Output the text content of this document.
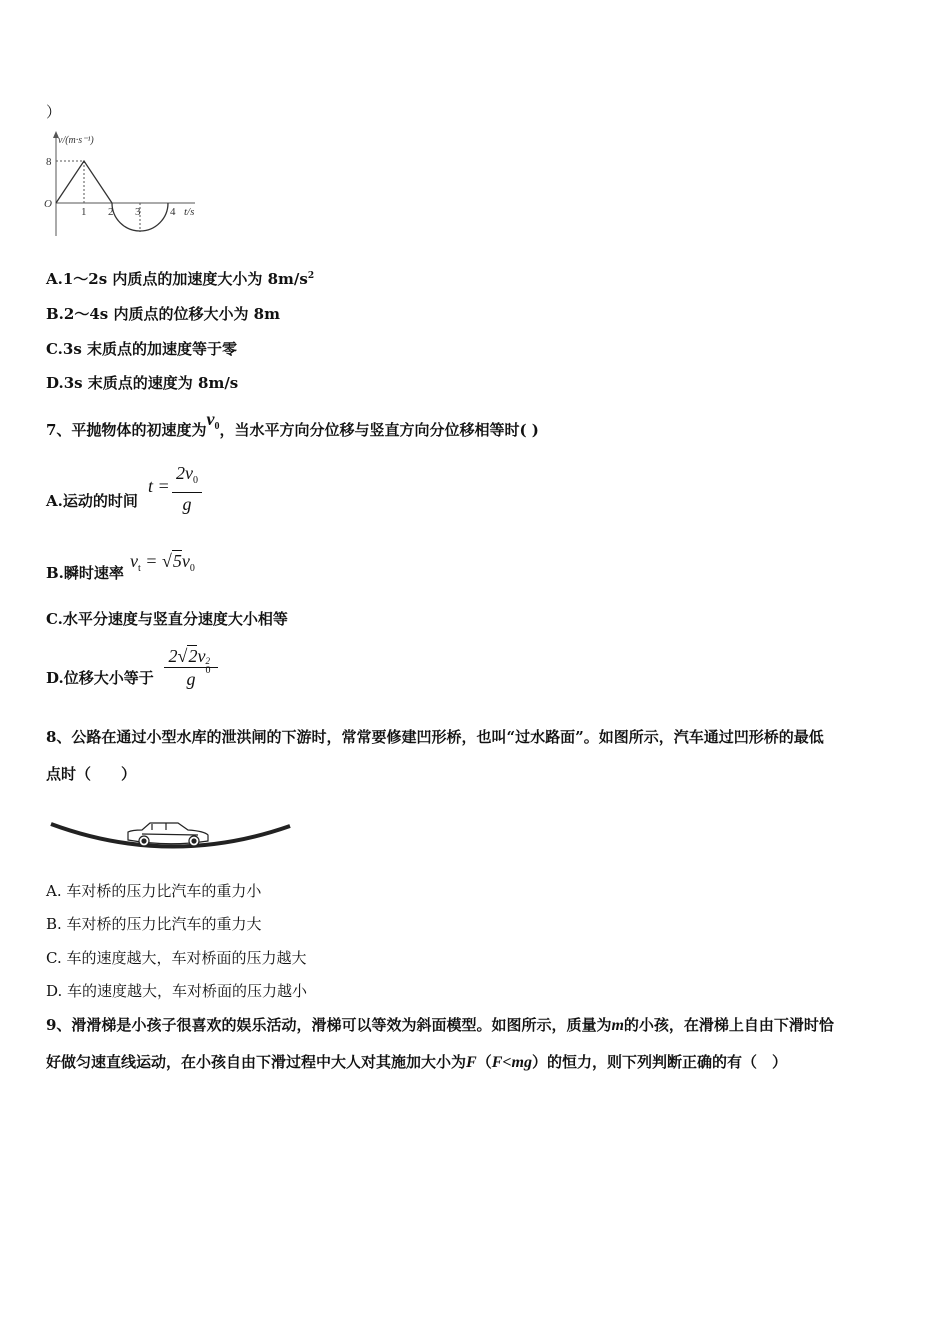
）
v/(m·s⁻¹)
8
O
1 2 3	4 t/s
A.1～2s 内质点的加速度大小为 $8m/s^2$
B.2～4s 内质点的位移大小为 8m
C.3s 末质点的加速度等于零
D.3s 末质点的速度为 8m/s
7、平抛物体的初速度为$v_0$，当水平方向分位移与竖直方向分位移相等时( )
A.运动的时间
t =
$2v_0$
g
B.瞬时速率
$v_t = √5v_0$
C.水平分速度与竖直分速度大小相等
D.位移大小等于
2√2v 2
0
g
8、公路在通过小型水库的泄洪闸的下游时，常常要修建凹形桥，也叫“过水路面”。如图所示，汽车通过凹形桥的最低
点时（　　）
A. 车对桥的压力比汽车的重力小
B. 车对桥的压力比汽车的重力大
C. 车的速度越大，车对桥面的压力越大
D. 车的速度越大，车对桥面的压力越小
9、滑滑梯是小孩子很喜欢的娱乐活动，滑梯可以等效为斜面模型。如图所示，质量为m的小孩，在滑梯上自由下滑时恰
好做匀速直线运动，在小孩自由下滑过程中大人对其施加大小为F（F<mg）的恒力，则下列判断正确的有（　）
